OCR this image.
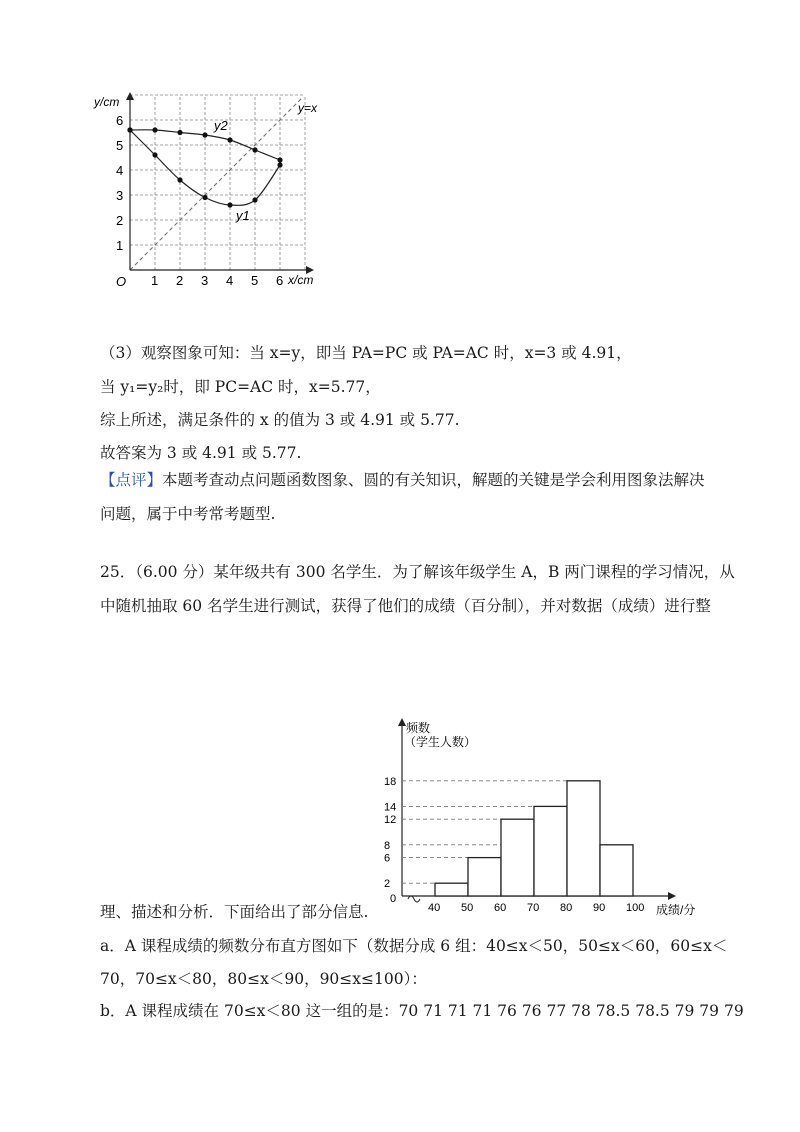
1 2 3 4 5 6
1
2
3
4
5
6
y/cm
x/cm
O
y=x
y1
y2
（3）观察图象可知：当 x=y，即当 PA=PC 或 PA=AC 时，x=3 或 4.91，
当 y₁=y₂时，即 PC=AC 时，x=5.77，
综上所述，满足条件的 x 的值为 3 或 4.91 或 5.77.
故答案为 3 或 4.91 或 5.77.
【点评】本题考查动点问题函数图象、圆的有关知识，解题的关键是学会利用图象法解决
问题，属于中考常考题型.
25．（6.00 分）某年级共有 300 名学生．为了解该年级学生 A，B 两门课程的学习情况，从
中随机抽取 60 名学生进行测试，获得了他们的成绩（百分制），并对数据（成绩）进行整
2
6
8
12
14
18
40 50 60 70 80 90 100
频数
（学生人数）
成绩/分
0
理、描述和分析．下面给出了部分信息.
a．A 课程成绩的频数分布直方图如下（数据分成 6 组：40≤x＜50，50≤x＜60，60≤x＜
70，70≤x＜80，80≤x＜90，90≤x≤100）：
b．A 课程成绩在 70≤x＜80 这一组的是：70 71 71 71 76 76 77 78 78.5 78.5 79 79 79
